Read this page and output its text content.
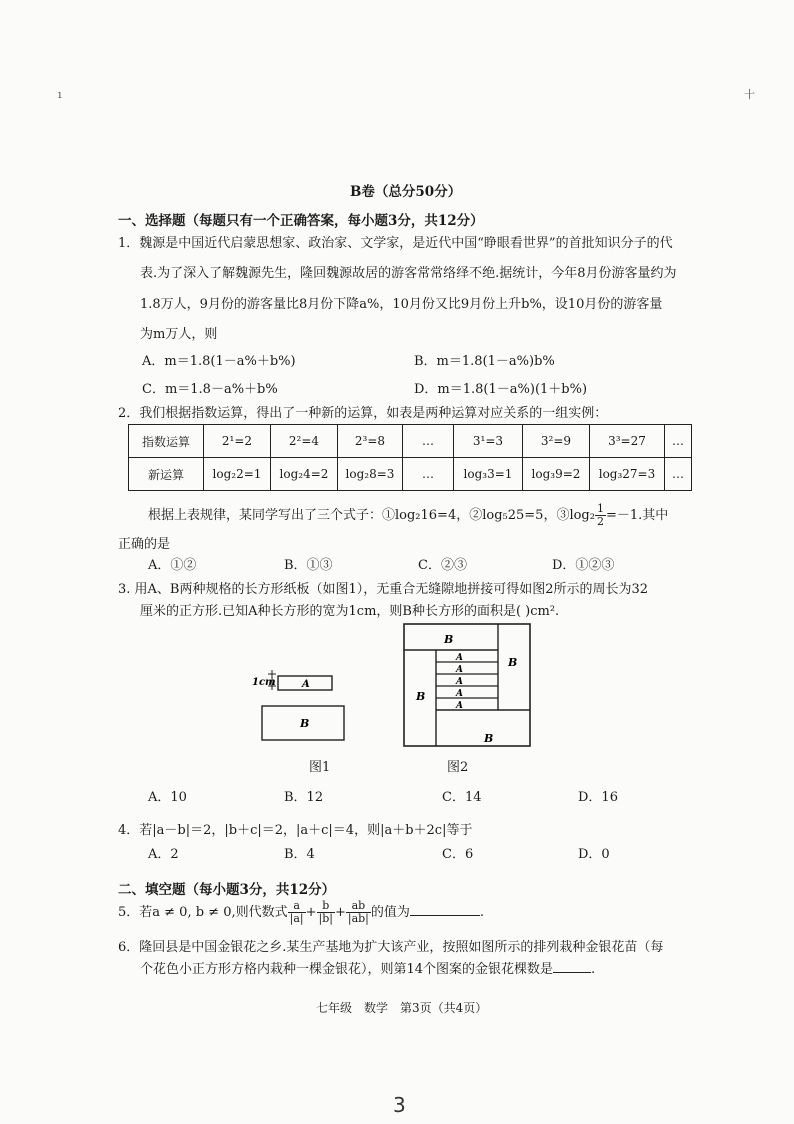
ı	十
B卷（总分50分）
一、选择题（每题只有一个正确答案，每小题3分，共12分）
1．魏源是中国近代启蒙思想家、政治家、文学家，是近代中国“睁眼看世界”的首批知识分子的代
表.为了深入了解魏源先生，隆回魏源故居的游客常常络绎不绝.据统计，今年8月份游客量约为
1.8万人，9月份的游客量比8月份下降a%，10月份又比9月份上升b%，设10月份的游客量
为m万人，则
A．m＝1.8(1－a%＋b%)	B．m＝1.8(1－a%)b%
C．m＝1.8－a%＋b%	D．m＝1.8(1－a%)(1＋b%)
2．我们根据指数运算，得出了一种新的运算，如表是两种运算对应关系的一组实例：
指数运算	2¹=2	2²=4	2³=8	…	3¹=3	3²=9	3³=27	…
新运算	log₂2=1	log₂4=2	log₂8=3	…	log₃3=1	log₃9=2	log₃27=3	…
根据上表规律，某同学写出了三个式子：①log₂16=4，②log₅25=5，③log₂ $\frac{1}{2} =-1$.其中
正确的是
A．①②	B．①③	C．②③	D．①②③
3. 用A、B两种规格的长方形纸板（如图1），无重合无缝隙地拼接可得如图2所示的周长为32
厘米的正方形.已知A种长方形的宽为1cm，则B种长方形的面积是( )cm².
1cm	A
B
B
B
B
B
A
A
A
A
A
图1	图2
A．10	B．12	C．14	D．16
4．若|a－b|＝2，|b＋c|＝2，|a＋c|＝4，则|a＋b＋2c|等于
A．2	B．4	C．6	D．0
二、填空题（每小题3分，共12分）
5．若a ≠ 0, b ≠ 0,则代数式 $\frac{a}{|a|} + \frac{b}{|b|} + \frac{ab}{|ab|}$ 的值为	.
6．隆回县是中国金银花之乡.某生产基地为扩大该产业，按照如图所示的排列栽种金银花苗（每
个花色小正方形方格内栽种一棵金银花），则第14个图案的金银花棵数是	.
七年级　数学　第3页（共4页）
3
